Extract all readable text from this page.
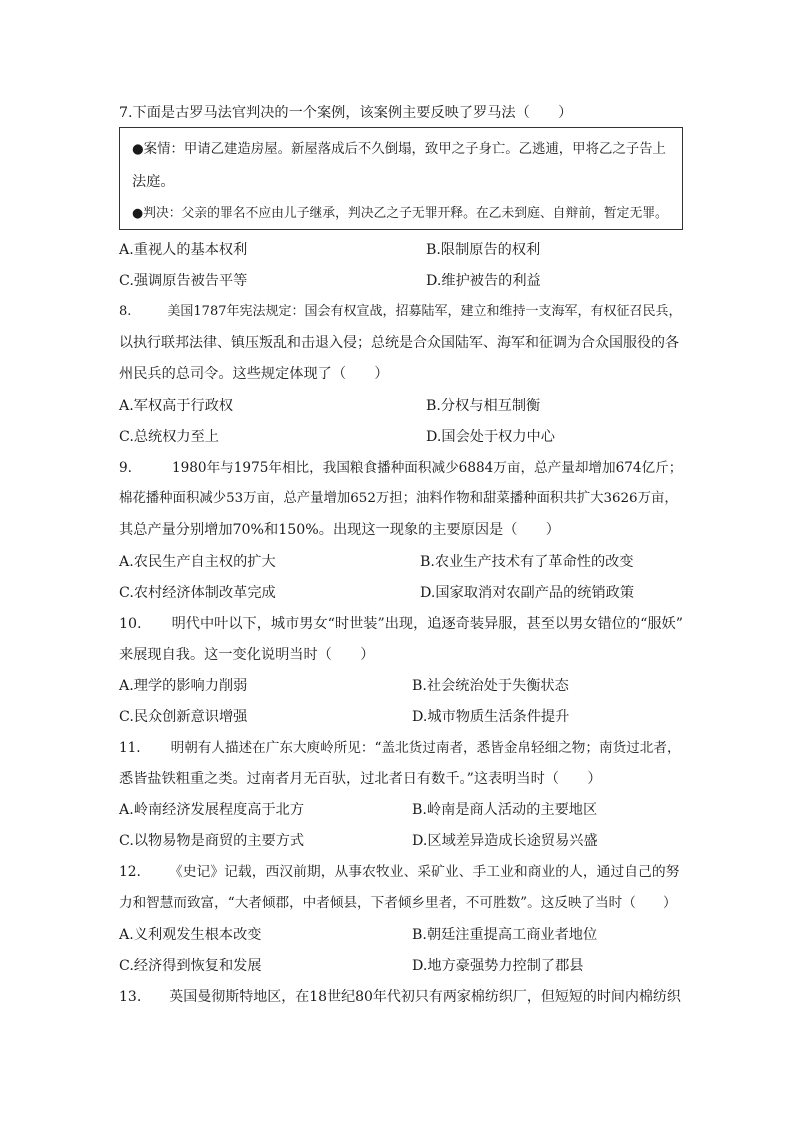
7.下面是古罗马法官判决的一个案例，该案例主要反映了罗马法（　　）
●案情：甲请乙建造房屋。新屋落成后不久倒塌，致甲之子身亡。乙逃逋，甲将乙之子告上
法庭。
●判决：父亲的罪名不应由儿子继承，判决乙之子无罪开释。在乙未到庭、自辩前，暂定无罪。
A.重视人的基本权利	B.限制原告的权利
C.强调原告被告平等	D.维护被告的利益
8.	美国1787年宪法规定：国会有权宣战，招募陆军，建立和维持一支海军，有权征召民兵，
以执行联邦法律、镇压叛乱和击退入侵；总统是合众国陆军、海军和征调为合众国服役的各
州民兵的总司令。这些规定体现了（　　）
A.军权高于行政权	B.分权与相互制衡
C.总统权力至上	D.国会处于权力中心
9.	1980年与1975年相比，我国粮食播种面积减少6884万亩，总产量却增加674亿斤；
棉花播种面积减少53万亩，总产量增加652万担；油料作物和甜菜播种面积共扩大3626万亩，
其总产量分别增加70%和150%。出现这一现象的主要原因是（　　）
A.农民生产自主权的扩大	B.农业生产技术有了革命性的改变
C.农村经济体制改革完成	D.国家取消对农副产品的统销政策
10. 明代中叶以下，城市男女“时世装”出现，追逐奇装异服，甚至以男女错位的“服妖”
来展现自我。这一变化说明当时（　　）
A.理学的影响力削弱	B.社会统治处于失衡状态
C.民众创新意识增强	D.城市物质生活条件提升
11. 明朝有人描述在广东大庾岭所见：“盖北货过南者，悉皆金帛轻细之物；南货过北者，
悉皆盐铁粗重之类。过南者月无百驮，过北者日有数千。”这表明当时（　　）
A.岭南经济发展程度高于北方	B.岭南是商人活动的主要地区
C.以物易物是商贸的主要方式	D.区域差异造成长途贸易兴盛
12. 《史记》记载，西汉前期，从事农牧业、采矿业、手工业和商业的人，通过自己的努
力和智慧而致富，“大者倾郡，中者倾县，下者倾乡里者，不可胜数”。这反映了当时（　　）
A.义利观发生根本改变	B.朝廷注重提高工商业者地位
C.经济得到恢复和发展	D.地方豪强势力控制了郡县
13. 英国曼彻斯特地区，在18世纪80年代初只有两家棉纺织厂，但短短的时间内棉纺织
